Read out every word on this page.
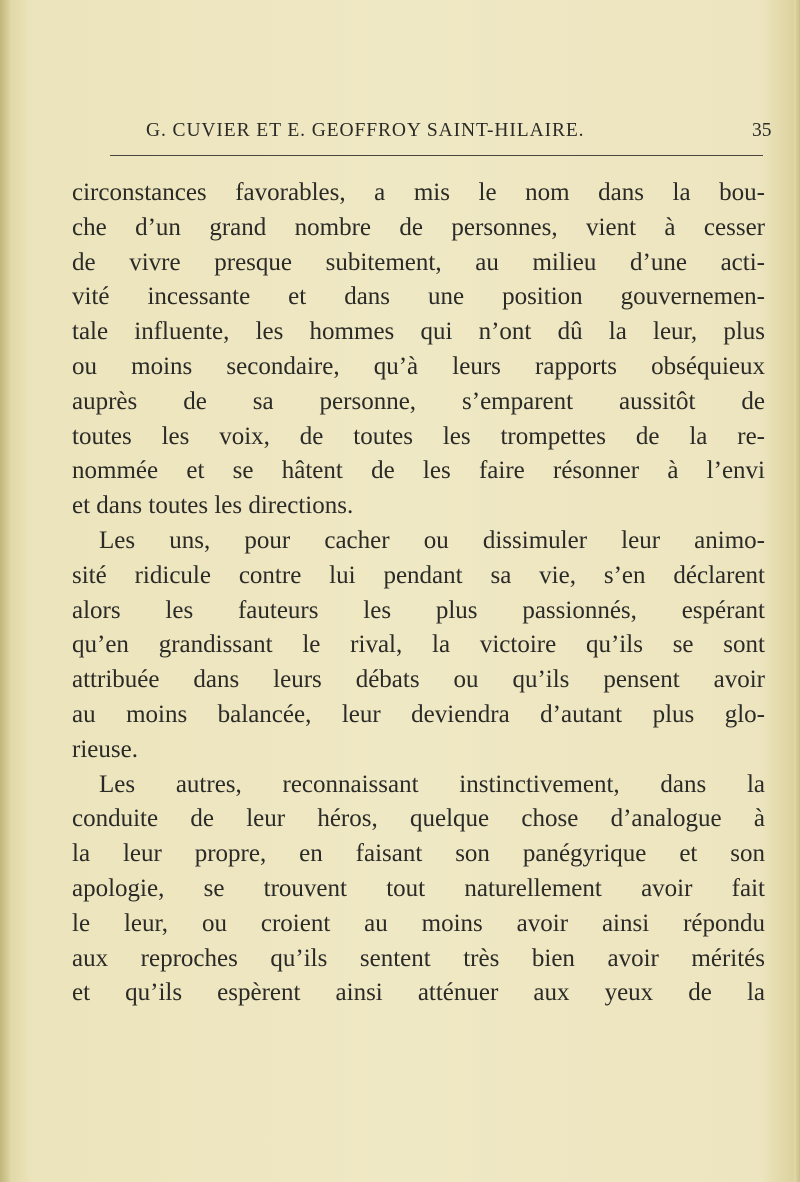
G. CUVIER ET E. GEOFFROY SAINT-HILAIRE.	35
circonstances favorables, a mis le nom dans la bou-
che d’un grand nombre de personnes, vient à cesser
de vivre presque subitement, au milieu d’une acti-
vité incessante et dans une position gouvernemen-
tale influente, les hommes qui n’ont dû la leur, plus
ou moins secondaire, qu’à leurs rapports obséquieux
auprès de sa personne, s’emparent aussitôt de
toutes les voix, de toutes les trompettes de la re-
nommée et se hâtent de les faire résonner à l’envi
et dans toutes les directions.
Les uns, pour cacher ou dissimuler leur animo-
sité ridicule contre lui pendant sa vie, s’en déclarent
alors les fauteurs les plus passionnés, espérant
qu’en grandissant le rival, la victoire qu’ils se sont
attribuée dans leurs débats ou qu’ils pensent avoir
au moins balancée, leur deviendra d’autant plus glo-
rieuse.
Les autres, reconnaissant instinctivement, dans la
conduite de leur héros, quelque chose d’analogue à
la leur propre, en faisant son panégyrique et son
apologie, se trouvent tout naturellement avoir fait
le leur, ou croient au moins avoir ainsi répondu
aux reproches qu’ils sentent très bien avoir mérités
et qu’ils espèrent ainsi atténuer aux yeux de la
